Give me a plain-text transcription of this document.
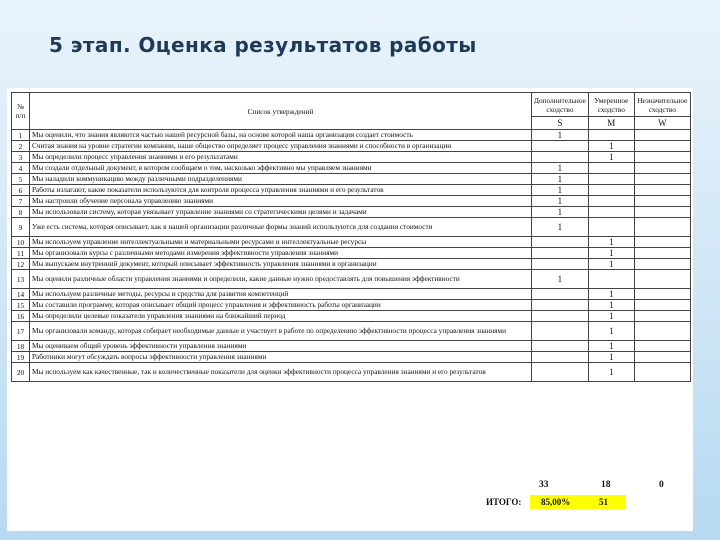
5 этап. Оценка результатов работы
№ п/п	Список утверждений	Дополнительное сходство	Умеренное сходство	Незначительное сходство
		S	M	W
1	Мы оценили, что знания являются частью нашей ресурсной базы, на основе которой наша организация создает стоимость	1		
2	Считая знания на уровне стратегии компании, наше общество определяет процесс управления знаниями и способности в организации		1	
3	Мы определили процесс управления знаниями и его результатами		1	
4	Мы создали отдельный документ, в котором сообщаем о том, насколько эффективно мы управляем знаниями	1		
5	Мы наладили коммуникацию между различными подразделениями	1		
6	Работы излагают, какие показатели используются для контроля процесса управления знаниями и его результатов	1		
7	Мы настроили обучение персонала управлению знаниями	1		
8	Мы использовали систему, которая увязывает управление знаниями со стратегическими целями и задачами	1		
9	Уже есть система, которая описывает, как в нашей организации различные формы знаний используются для создания стоимости	1		
10	Мы используем управление интеллектуальными и материальными ресурсами и интеллектуальные ресурсы		1	
11	Мы организовали курсы с различными методами измерения эффективности управления знаниями		1	
12	Мы выпускаем внутренний документ, который описывает эффективность управления знаниями в организации		1	
13	Мы оценили различные области управления знаниями и определили, какие данные нужно предоставлять для повышения эффективности	1		
14	Мы используем различные методы, ресурсы и средства для развития компетенций		1	
15	Мы составили программу, которая описывает общий процесс управления и эффективность работы организации		1	
16	Мы определили целевые показатели управления знаниями на ближайший период		1	
17	Мы организовали команду, которая собирает необходимые данные и участвует в работе по определению эффективности процесса управления знаниями		1	
18	Мы оцениваем общий уровень эффективности управления знаниями		1	
19	Работники могут обсуждать вопросы эффективности управления знаниями		1	
20	Мы используем как качественные, так и количественные показатели для оценки эффективности процесса управления знаниями и его результатов		1	
33	18	0
ИТОГО: 85,00%	51
